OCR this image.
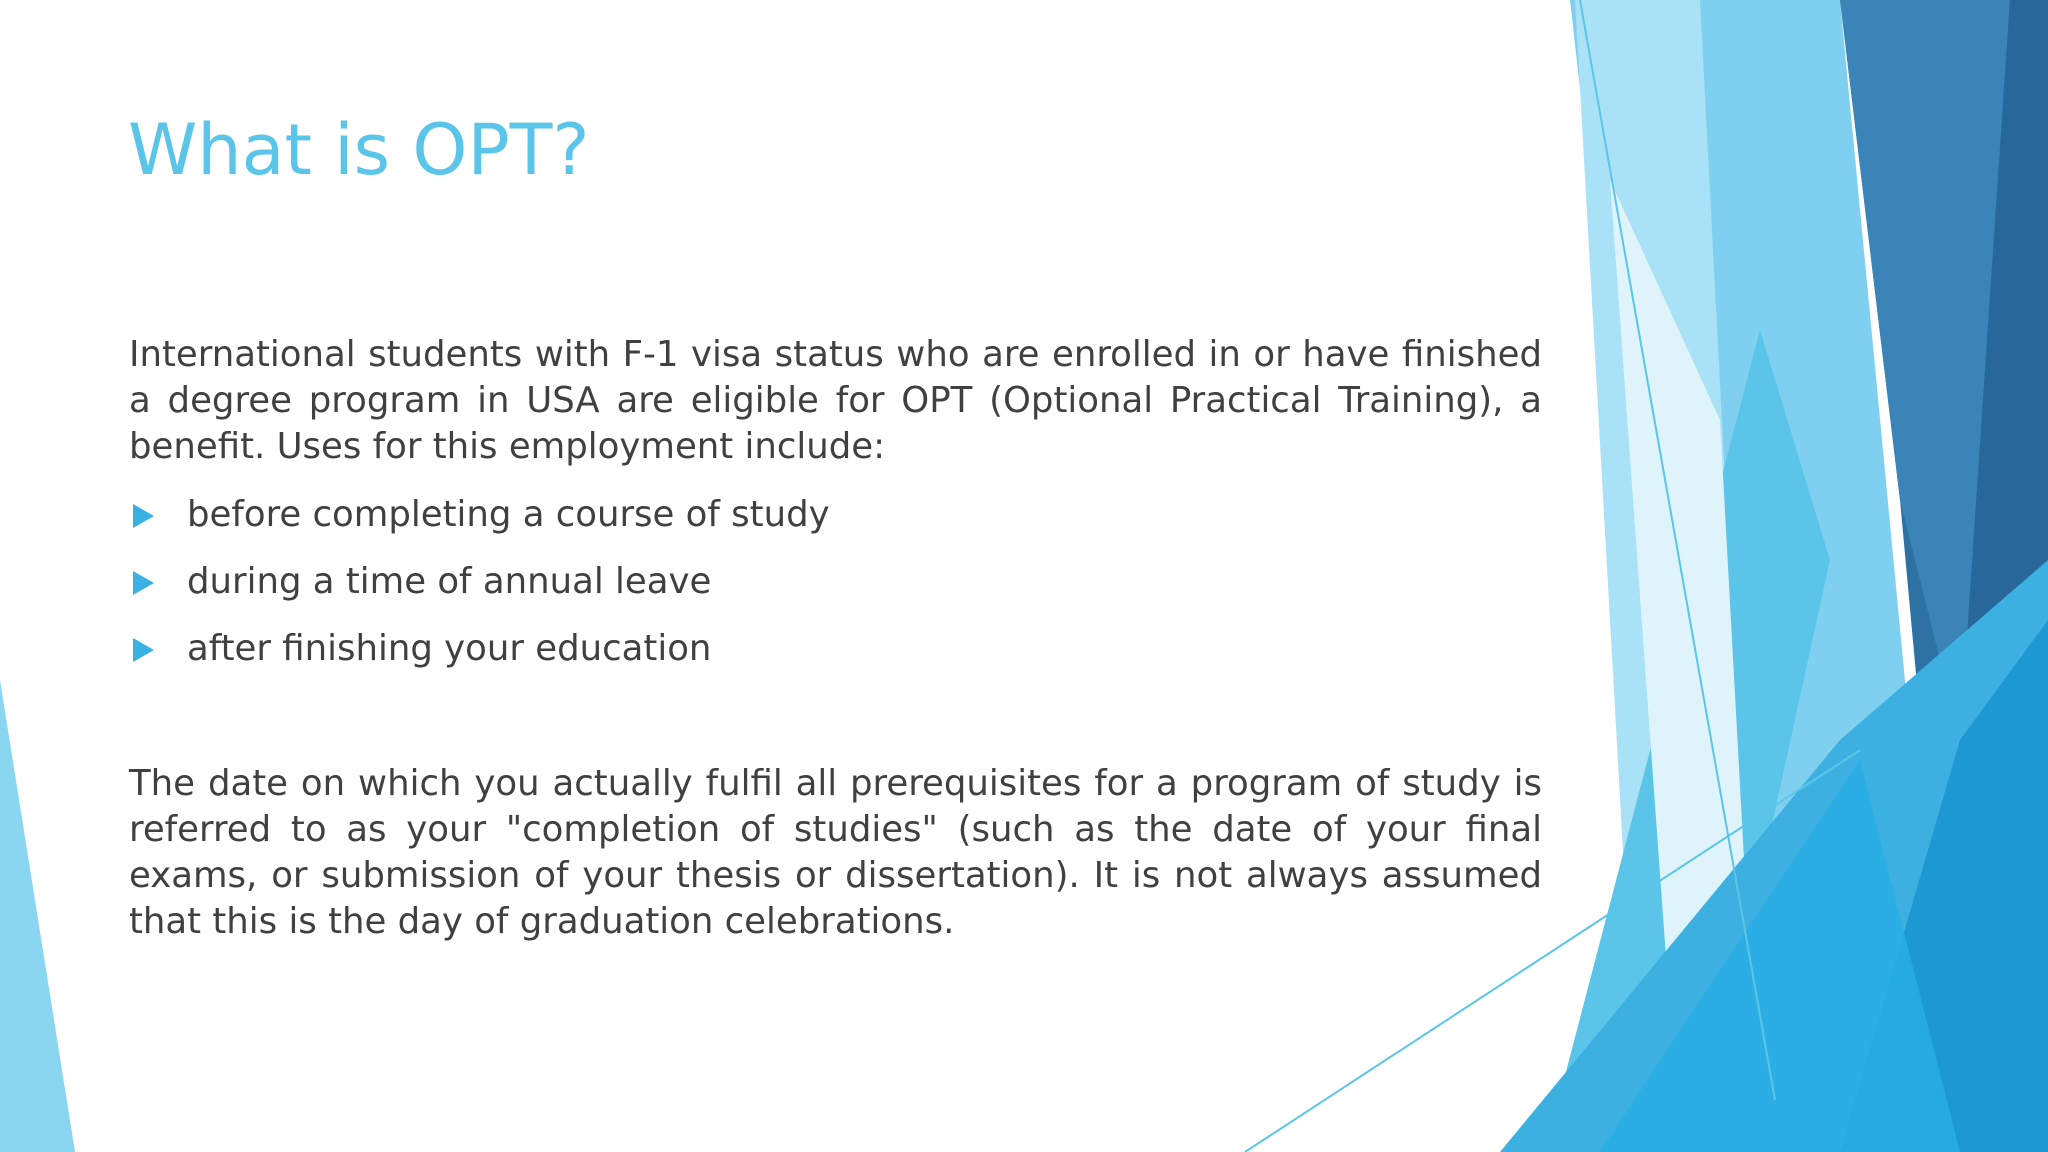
What is OPT?

International students with F-1 visa status who are enrolled in or have finished a degree program in USA are eligible for OPT (Optional Practical Training), a benefit. Uses for this employment include:

before completing a course of study
during a time of annual leave
after finishing your education

The date on which you actually fulfil all prerequisites for a program of study is referred to as your "completion of studies" (such as the date of your final exams, or submission of your thesis or dissertation). It is not always assumed that this is the day of graduation celebrations.
